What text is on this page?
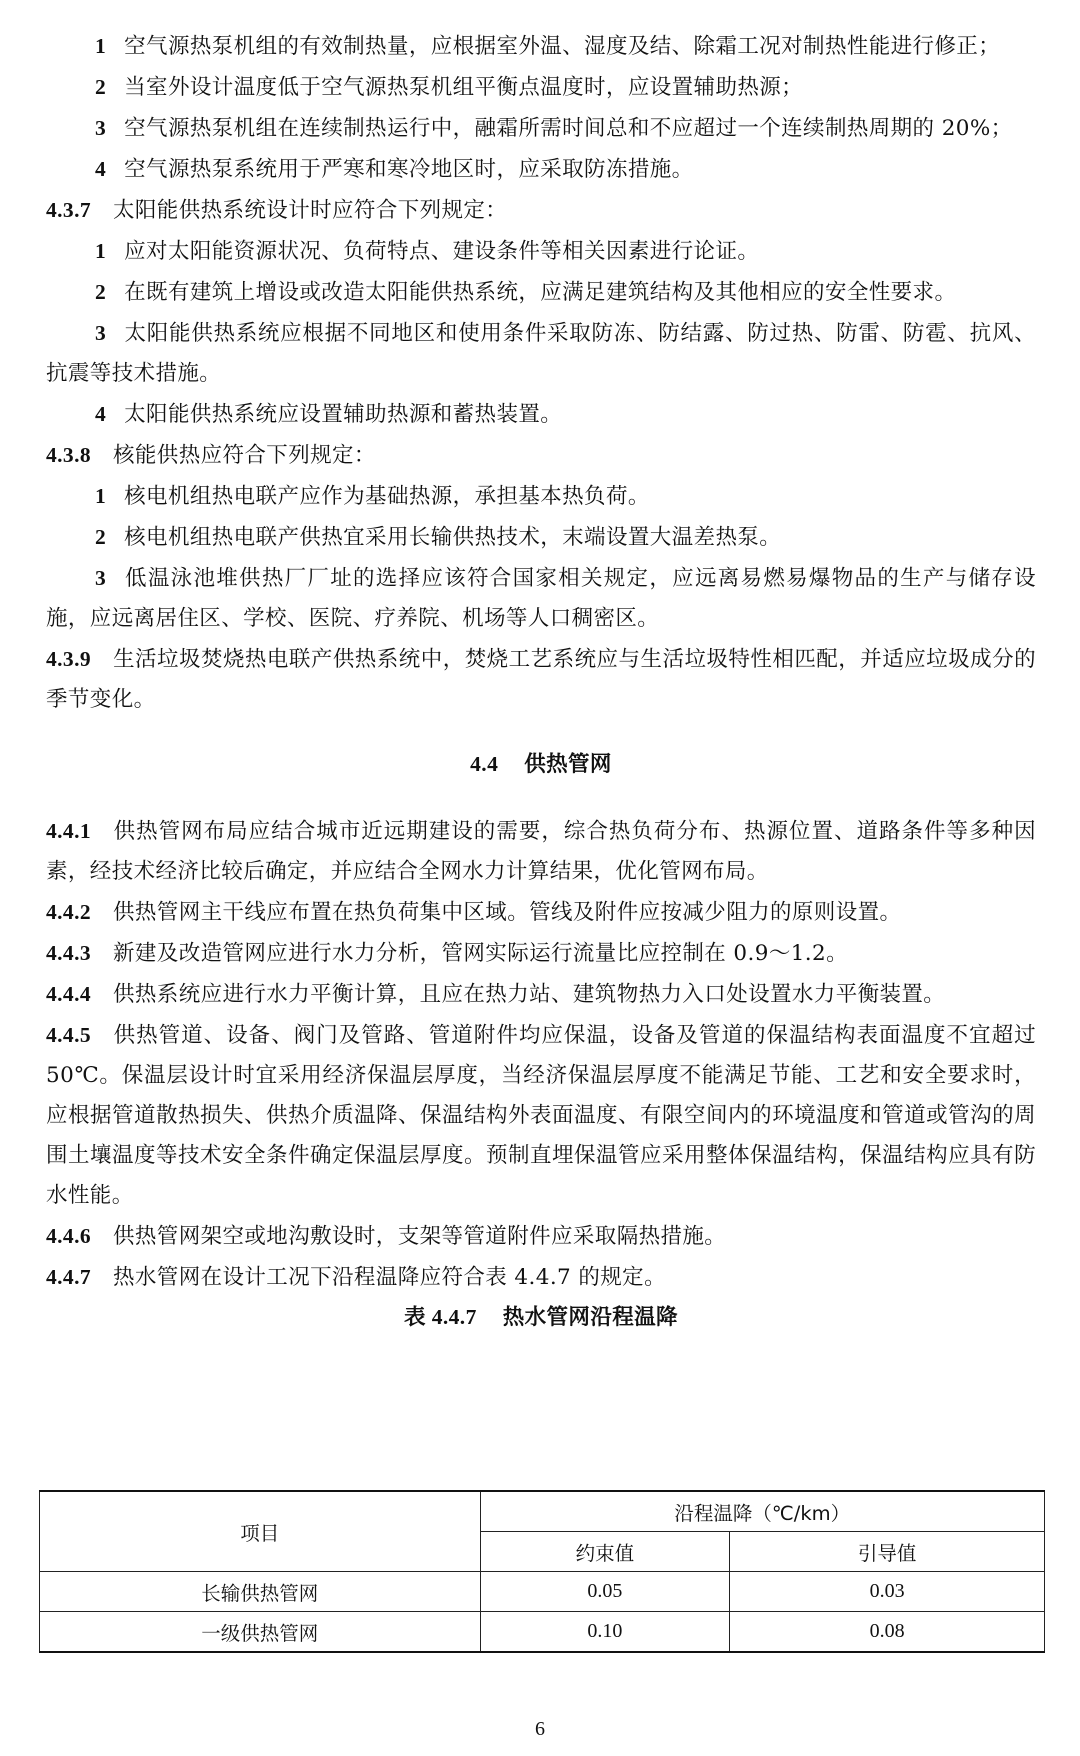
1 空气源热泵机组的有效制热量，应根据室外温、湿度及结、除霜工况对制热性能进行修正；

2 当室外设计温度低于空气源热泵机组平衡点温度时，应设置辅助热源；

3 空气源热泵机组在连续制热运行中，融霜所需时间总和不应超过一个连续制热周期的 20%；

4 空气源热泵系统用于严寒和寒冷地区时，应采取防冻措施。

4.3.7 太阳能供热系统设计时应符合下列规定：

1 应对太阳能资源状况、负荷特点、建设条件等相关因素进行论证。

2 在既有建筑上增设或改造太阳能供热系统，应满足建筑结构及其他相应的安全性要求。

3 太阳能供热系统应根据不同地区和使用条件采取防冻、防结露、防过热、防雷、防雹、抗风、抗震等技术措施。

4 太阳能供热系统应设置辅助热源和蓄热装置。

4.3.8 核能供热应符合下列规定：

1 核电机组热电联产应作为基础热源，承担基本热负荷。

2 核电机组热电联产供热宜采用长输供热技术，末端设置大温差热泵。

3 低温泳池堆供热厂厂址的选择应该符合国家相关规定，应远离易燃易爆物品的生产与储存设施，应远离居住区、学校、医院、疗养院、机场等人口稠密区。

4.3.9 生活垃圾焚烧热电联产供热系统中，焚烧工艺系统应与生活垃圾特性相匹配，并适应垃圾成分的季节变化。

4.4 供热管网

4.4.1 供热管网布局应结合城市近远期建设的需要，综合热负荷分布、热源位置、道路条件等多种因素，经技术经济比较后确定，并应结合全网水力计算结果，优化管网布局。

4.4.2 供热管网主干线应布置在热负荷集中区域。管线及附件应按减少阻力的原则设置。

4.4.3 新建及改造管网应进行水力分析，管网实际运行流量比应控制在 0.9～1.2。

4.4.4 供热系统应进行水力平衡计算，且应在热力站、建筑物热力入口处设置水力平衡装置。

4.4.5 供热管道、设备、阀门及管路、管道附件均应保温，设备及管道的保温结构表面温度不宜超过50℃。保温层设计时宜采用经济保温层厚度，当经济保温层厚度不能满足节能、工艺和安全要求时，应根据管道散热损失、供热介质温降、保温结构外表面温度、有限空间内的环境温度和管道或管沟的周围土壤温度等技术安全条件确定保温层厚度。预制直埋保温管应采用整体保温结构，保温结构应具有防水性能。

4.4.6 供热管网架空或地沟敷设时，支架等管道附件应采取隔热措施。

4.4.7 热水管网在设计工况下沿程温降应符合表 4.4.7 的规定。

表 4.4.7 热水管网沿程温降

项目	沿程温降（℃/km）	
	约束值	引导值
长输供热管网	0.05	0.03
一级供热管网	0.10	0.08
6
